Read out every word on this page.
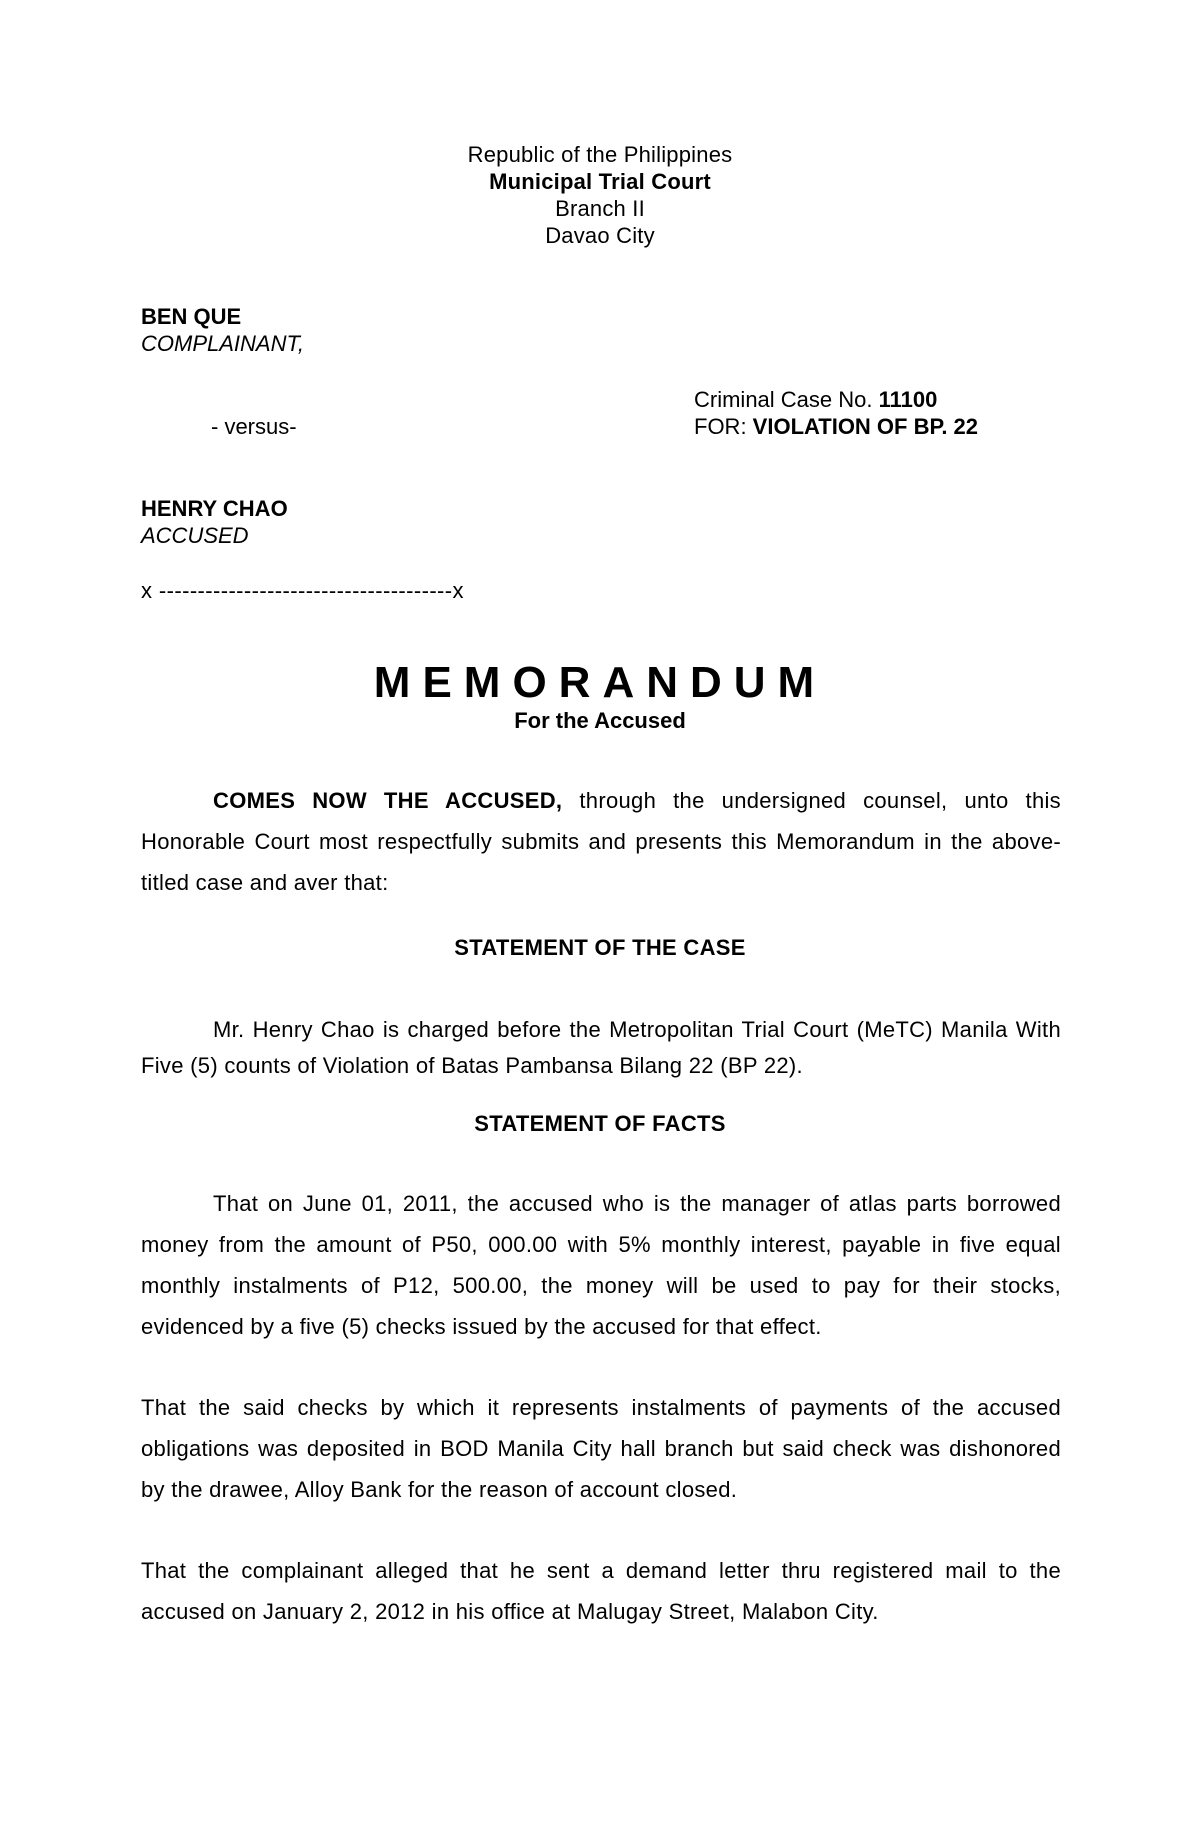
Republic of the Philippines
Municipal Trial Court
Branch II
Davao City
BEN QUE
COMPLAINANT,
- versus-
Criminal Case No. 11100
FOR: VIOLATION OF BP. 22
HENRY CHAO
ACCUSED
x --------------------------------------x
MEMORANDUM
For the Accused
COMES NOW THE ACCUSED, through the undersigned counsel, unto this Honorable Court most respectfully submits and presents this Memorandum in the above-titled case and aver that:
STATEMENT OF THE CASE
Mr. Henry Chao is charged before the Metropolitan Trial Court (MeTC) Manila With Five (5) counts of Violation of Batas Pambansa Bilang 22 (BP 22).
STATEMENT OF FACTS
That on June 01, 2011, the accused who is the manager of atlas parts borrowed money from the amount of P50, 000.00 with 5% monthly interest, payable in five equal monthly instalments of P12, 500.00, the money will be used to pay for their stocks, evidenced by a five (5) checks issued by the accused for that effect.
That the said checks by which it represents instalments of payments of the accused obligations was deposited in BOD Manila City hall branch but said check was dishonored by the drawee, Alloy Bank for the reason of account closed.
That the complainant alleged that he sent a demand letter thru registered mail to the accused on January 2, 2012 in his office at Malugay Street, Malabon City.
